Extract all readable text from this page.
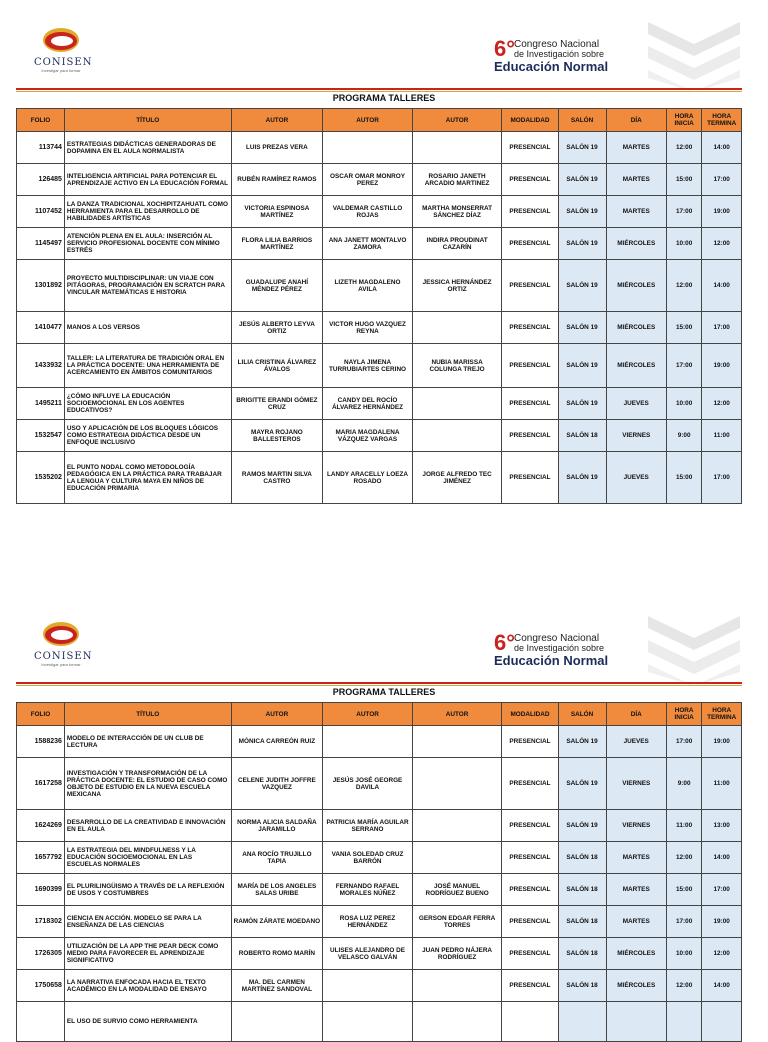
CONISEN
Investigar para formar
6°
Congreso Nacional
de Investigación sobre
Educación Normal
PROGRAMA TALLERES
FOLIO	TÍTULO	AUTOR	AUTOR	AUTOR	MODALIDAD	SALÓN	DÍA	HORA INICIA	HORA TERMINA
113744	ESTRATEGIAS DIDÁCTICAS GENERADORAS DE DOPAMINA EN EL AULA NORMALISTA	LUIS PREZAS VERA			PRESENCIAL	SALÓN 19	MARTES	12:00	14:00
126485	INTELIGENCIA ARTIFICIAL PARA POTENCIAR EL APRENDIZAJE ACTIVO EN LA EDUCACIÓN FORMAL	RUBÉN RAMÍREZ RAMOS	OSCAR OMAR MONROY PEREZ	ROSARIO JANETH ARCADIO MARTINEZ	PRESENCIAL	SALÓN 19	MARTES	15:00	17:00
1107452	LA DANZA TRADICIONAL XOCHIPITZAHUATL COMO HERRAMIENTA PARA EL DESARROLLO DE HABILIDADES ARTÍSTICAS	VICTORIA ESPINOSA MARTÍNEZ	VALDEMAR CASTILLO ROJAS	MARTHA MONSERRAT SÁNCHEZ DÍAZ	PRESENCIAL	SALÓN 19	MARTES	17:00	19:00
1145497	ATENCIÓN PLENA EN EL AULA: INSERCIÓN AL SERVICIO PROFESIONAL DOCENTE CON MÍNIMO ESTRÉS	FLORA LILIA BARRIOS MARTÍNEZ	ANA JANETT MONTALVO ZAMORA	INDIRA PROUDINAT CAZARÍN	PRESENCIAL	SALÓN 19	MIÉRCOLES	10:00	12:00
1301892	PROYECTO MULTIDISCIPLINAR: UN VIAJE CON PITÁGORAS, PROGRAMACIÓN EN SCRATCH PARA VINCULAR MATEMÁTICAS E HISTORIA	GUADALUPE ANAHÍ MÉNDEZ PÉREZ	LIZETH MAGDALENO AVILA	JESSICA HERNÁNDEZ ORTIZ	PRESENCIAL	SALÓN 19	MIÉRCOLES	12:00	14:00
1410477	MANOS A LOS VERSOS	JESÚS ALBERTO LEYVA ORTIZ	VICTOR HUGO VAZQUEZ REYNA		PRESENCIAL	SALÓN 19	MIÉRCOLES	15:00	17:00
1433932	TALLER: LA LITERATURA DE TRADICIÓN ORAL EN LA PRÁCTICA DOCENTE: UNA HERRAMIENTA DE ACERCAMIENTO EN ÁMBITOS COMUNITARIOS	LILIA CRISTINA ÁLVAREZ ÁVALOS	NAYLA JIMENA TURRUBIARTES CERINO	NUBIA MARISSA COLUNGA TREJO	PRESENCIAL	SALÓN 19	MIÉRCOLES	17:00	19:00
1495211	¿CÓMO INFLUYE LA EDUCACIÓN SOCIOEMOCIONAL EN LOS AGENTES EDUCATIVOS?	BRIGITTE ERANDI GÓMEZ CRUZ	CANDY DEL ROCÍO ÁLVAREZ HERNÁNDEZ		PRESENCIAL	SALÓN 19	JUEVES	10:00	12:00
1532547	USO Y APLICACIÓN DE LOS BLOQUES LÓGICOS COMO ESTRATEGIA DIDÁCTICA DESDE UN ENFOQUE INCLUSIVO	MAYRA ROJANO BALLESTEROS	MARIA MAGDALENA VÁZQUEZ VARGAS		PRESENCIAL	SALÓN 18	VIERNES	9:00	11:00
1535202	EL PUNTO NODAL COMO METODOLOGÍA PEDAGÓGICA EN LA PRÁCTICA PARA TRABAJAR LA LENGUA Y CULTURA MAYA EN NIÑOS DE EDUCACIÓN PRIMARIA	RAMOS MARTIN SILVA CASTRO	LANDY ARACELLY LOEZA ROSADO	JORGE ALFREDO TEC JIMÉNEZ	PRESENCIAL	SALÓN 19	JUEVES	15:00	17:00
CONISEN
Investigar para formar
6°
Congreso Nacional
de Investigación sobre
Educación Normal
PROGRAMA TALLERES
FOLIO	TÍTULO	AUTOR	AUTOR	AUTOR	MODALIDAD	SALÓN	DÍA	HORA INICIA	HORA TERMINA
1588236	MODELO DE INTERACCIÓN DE UN CLUB DE LECTURA	MÓNICA CARREÓN RUIZ			PRESENCIAL	SALÓN 19	JUEVES	17:00	19:00
1617258	INVESTIGACIÓN Y TRANSFORMACIÓN DE LA PRÁCTICA DOCENTE: EL ESTUDIO DE CASO COMO OBJETO DE ESTUDIO EN LA NUEVA ESCUELA MEXICANA	CELENE JUDITH JOFFRE VAZQUEZ	JESÚS JOSÉ GEORGE DAVILA		PRESENCIAL	SALÓN 19	VIERNES	9:00	11:00
1624269	DESARROLLO DE LA CREATIVIDAD E INNOVACIÓN EN EL AULA	NORMA ALICIA SALDAÑA JARAMILLO	PATRICIA MARÍA AGUILAR SERRANO		PRESENCIAL	SALÓN 19	VIERNES	11:00	13:00
1657792	LA ESTRATEGIA DEL MINDFULNESS Y LA EDUCACIÓN SOCIOEMOCIONAL EN LAS ESCUELAS NORMALES	ANA ROCÍO TRUJILLO TAPIA	VANIA SOLEDAD CRUZ BARRÓN		PRESENCIAL	SALÓN 18	MARTES	12:00	14:00
1690399	EL PLURILINGÜISMO A TRAVÉS DE LA REFLEXIÓN DE USOS Y COSTUMBRES	MARÍA DE LOS ANGELES SALAS URIBE	FERNANDO RAFAEL MORALES NÚÑEZ	JOSÉ MANUEL RODRÍGUEZ BUENO	PRESENCIAL	SALÓN 18	MARTES	15:00	17:00
1718302	CIENCIA EN ACCIÓN. MODELO SE PARA LA ENSEÑANZA DE LAS CIENCIAS	RAMÓN ZÁRATE MOEDANO	ROSA LUZ PEREZ HERNÁNDEZ	GERSON EDGAR FERRA TORRES	PRESENCIAL	SALÓN 18	MARTES	17:00	19:00
1726305	UTILIZACIÓN DE LA APP THE PEAR DECK COMO MEDIO PARA FAVORECER EL APRENDIZAJE SIGNIFICATIVO	ROBERTO ROMO MARÍN	ULISES ALEJANDRO DE VELASCO GALVÁN	JUAN PEDRO NÁJERA RODRÍGUEZ	PRESENCIAL	SALÓN 18	MIÉRCOLES	10:00	12:00
1750658	LA NARRATIVA ENFOCADA HACIA EL TEXTO ACADÉMICO EN LA MODALIDAD DE ENSAYO	MA. DEL CARMEN MARTÍNEZ SANDOVAL			PRESENCIAL	SALÓN 18	MIÉRCOLES	12:00	14:00
	EL USO DE SURVIO COMO HERRAMIENTA								
